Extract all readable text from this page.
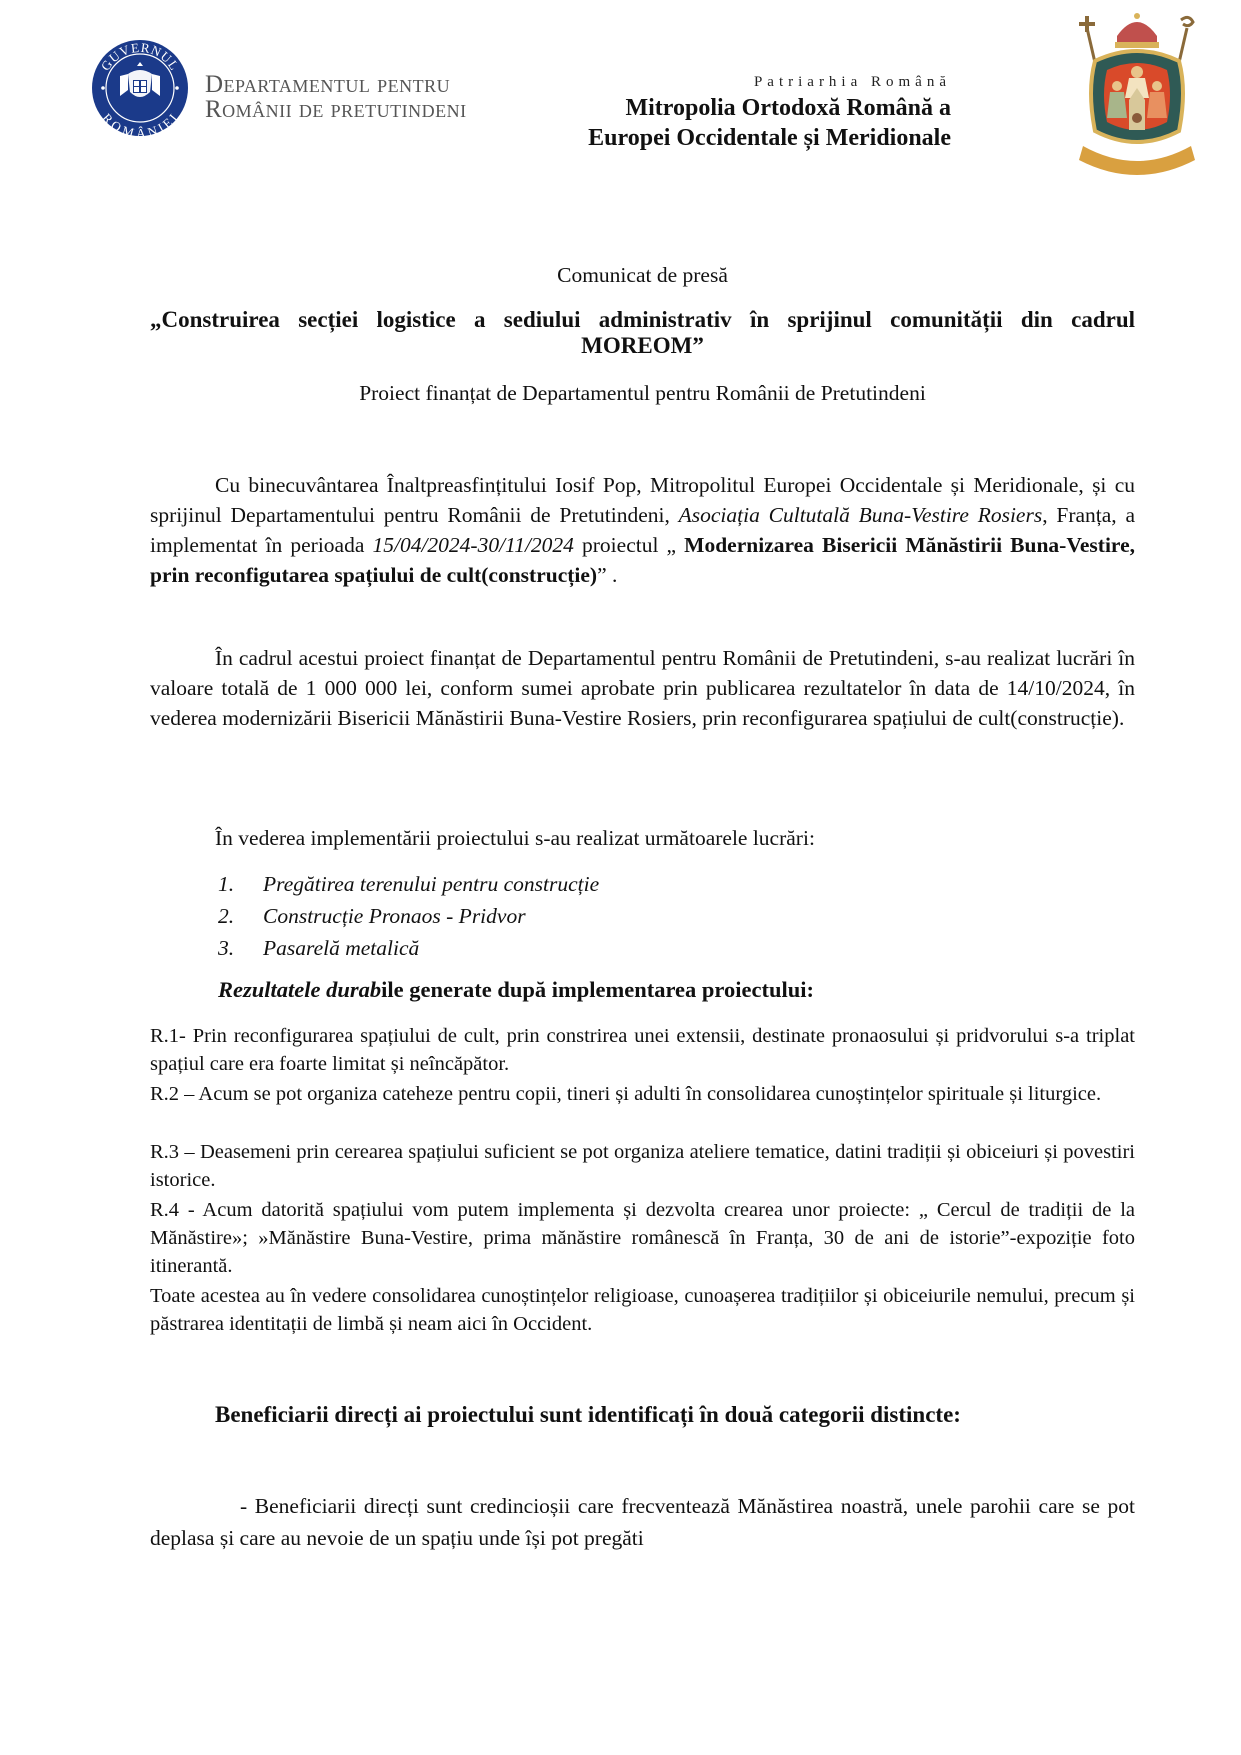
GUVERNUL
ROMÂNIEI
Departamentul pentru
Românii de pretutindeni
Patriarhia Română
Mitropolia Ortodoxă Română a
Europei Occidentale și Meridionale
Comunicat de presă
„Construirea secției logistice a sediului administrativ în sprijinul comunității din cadrul MOREOM”
Proiect finanțat de Departamentul pentru Românii de Pretutindeni
Cu binecuvântarea Înaltpreasfințitului Iosif Pop, Mitropolitul Europei Occidentale și Meridionale, și cu sprijinul Departamentului pentru Românii de Pretutindeni, Asociația Cultutală Buna-Vestire Rosiers, Franța, a implementat în perioada 15/04/2024-30/11/2024 proiectul „ Modernizarea Bisericii Mănăstirii Buna-Vestire, prin reconfigutarea spațiului de cult(construcție)” .
În cadrul acestui proiect finanțat de Departamentul pentru Românii de Pretutindeni, s-au realizat lucrări în valoare totală de 1 000 000 lei, conform sumei aprobate prin publicarea rezultatelor în data de 14/10/2024, în vederea modernizării Bisericii Mănăstirii Buna-Vestire Rosiers, prin reconfigurarea spațiului de cult(construcție).
În vederea implementării proiectului s-au realizat următoarele lucrări:
1. Pregătirea terenului pentru construcție
2. Construcție Pronaos - Pridvor
3. Pasarelă metalică
Rezultatele durabile generate după implementarea proiectului:
R.1- Prin reconfigurarea spațiului de cult, prin constrirea unei extensii, destinate pronaosului și pridvorului s-a triplat spațiul care era foarte limitat și neîncăpător.
R.2 – Acum se pot organiza cateheze pentru copii, tineri și adulti în consolidarea cunoștințelor spirituale și liturgice.
R.3 – Deasemeni prin cerearea spațiului suficient se pot organiza ateliere tematice, datini tradiții și obiceiuri și povestiri istorice.
R.4 - Acum datorită spațiului vom putem implementa și dezvolta crearea unor proiecte: „ Cercul de tradiții de la Mănăstire»; »Mănăstire Buna-Vestire, prima mănăstire românescă în Franța, 30 de ani de istorie”-expoziție foto itinerantă.
Toate acestea au în vedere consolidarea cunoștințelor religioase, cunoașerea tradițiilor și obiceiurile nemului, precum și păstrarea identitații de limbă și neam aici în Occident.
Beneficiarii direcți ai proiectului sunt identificați în două categorii distincte:
- Beneficiarii direcți sunt credincioșii care frecventează Mănăstirea noastră, unele parohii care se pot deplasa și care au nevoie de un spațiu unde își pot pregăti
